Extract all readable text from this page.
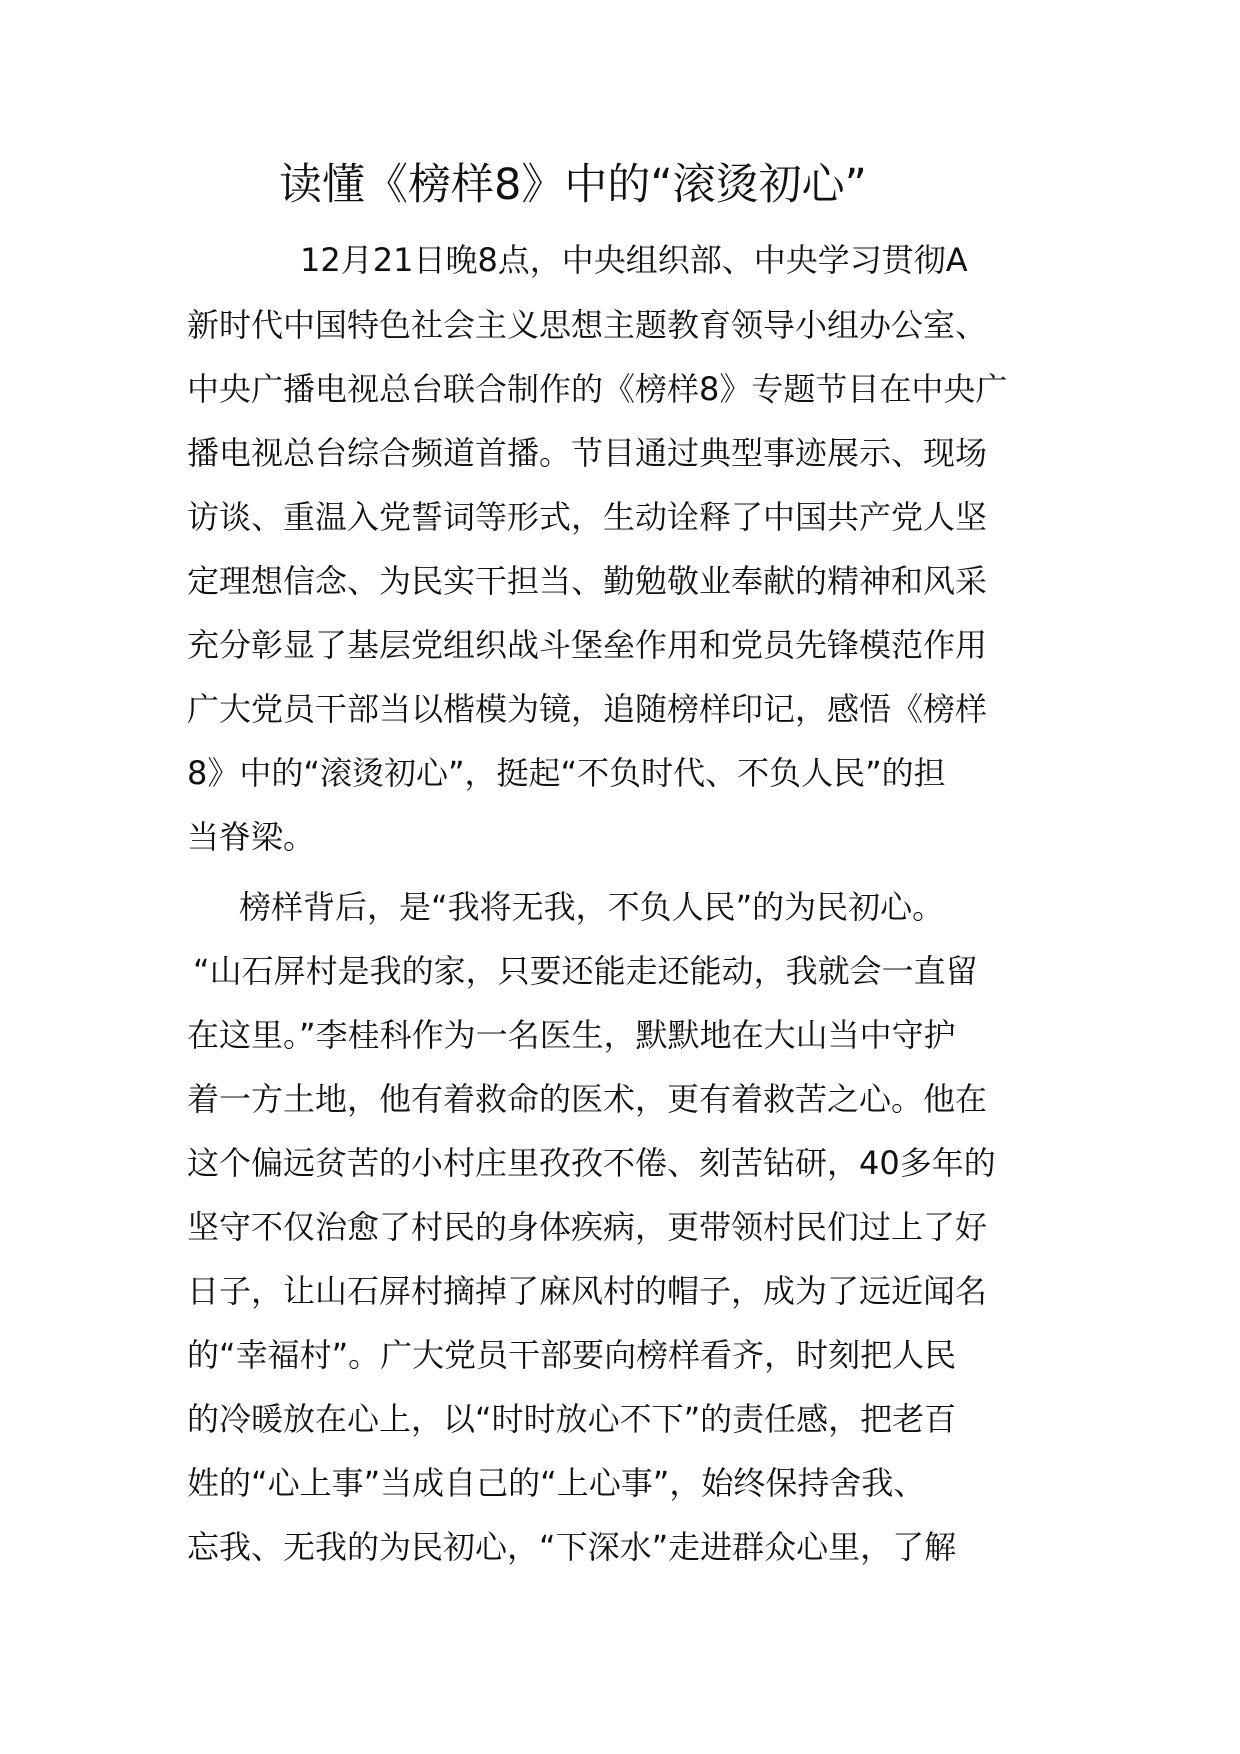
读懂《榜样8》中的“滚烫初心”

12月21日晚8点，中央组织部、中央学习贯彻A

新时代中国特色社会主义思想主题教育领导小组办公室、

中央广播电视总台联合制作的《榜样8》专题节目在中央广

播电视总台综合频道首播。节目通过典型事迹展示、现场

访谈、重温入党誓词等形式，生动诠释了中国共产党人坚

定理想信念、为民实干担当、勤勉敬业奉献的精神和风采

充分彰显了基层党组织战斗堡垒作用和党员先锋模范作用

广大党员干部当以楷模为镜，追随榜样印记，感悟《榜样

8》中的“滚烫初心”，挺起“不负时代、不负人民”的担

当脊梁。

榜样背后，是“我将无我，不负人民”的为民初心。

“山石屏村是我的家，只要还能走还能动，我就会一直留

在这里。”李桂科作为一名医生，默默地在大山当中守护

着一方土地，他有着救命的医术，更有着救苦之心。他在

这个偏远贫苦的小村庄里孜孜不倦、刻苦钻研，40多年的

坚守不仅治愈了村民的身体疾病，更带领村民们过上了好

日子，让山石屏村摘掉了麻风村的帽子，成为了远近闻名

的“幸福村”。广大党员干部要向榜样看齐，时刻把人民

的冷暖放在心上，以“时时放心不下”的责任感，把老百

姓的“心上事”当成自己的“上心事”，始终保持舍我、

忘我、无我的为民初心，“下深水”走进群众心里，了解
